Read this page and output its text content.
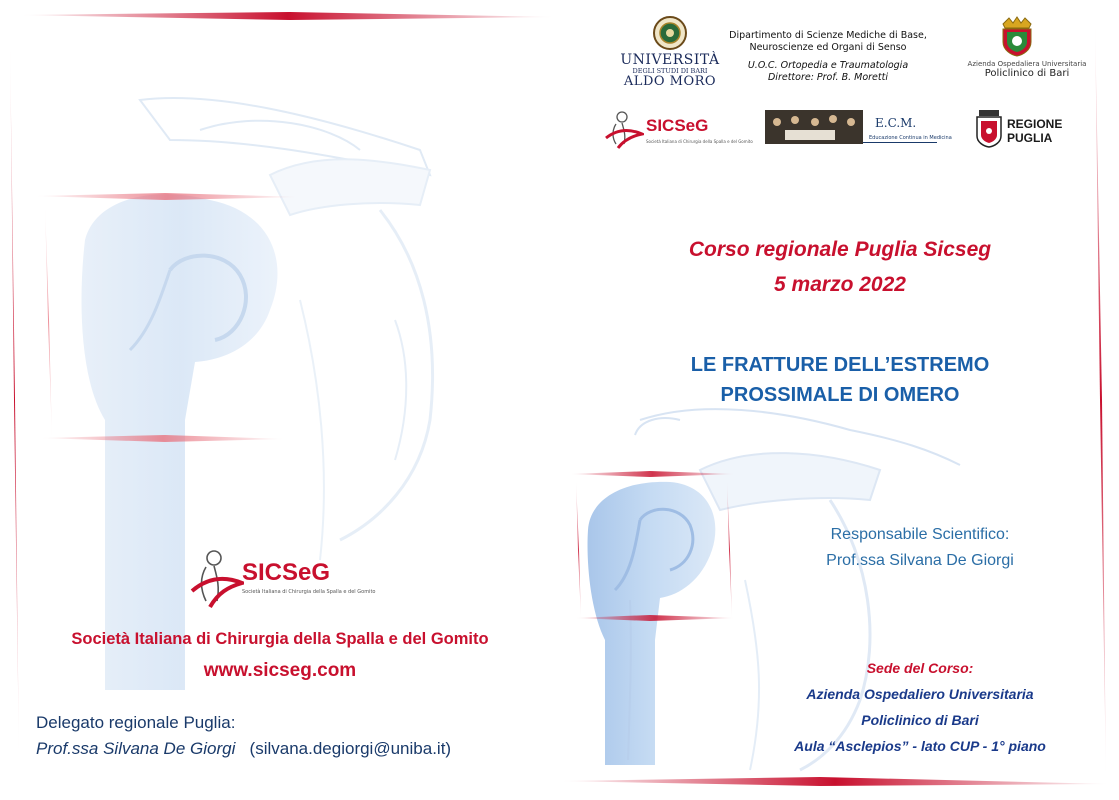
UNIVERSITÀ
DEGLI STUDI DI BARI
ALDO MORO
Dipartimento di Scienze Mediche di Base,
Neuroscienze ed Organi di Senso
U.O.C. Ortopedia e Traumatologia
Direttore: Prof. B. Moretti
Azienda Ospedaliera Universitaria
Policlinico di Bari
SICSeG
Società Italiana di Chirurgia della Spalla e del Gomito
E.C.M.
Educazione Continua in Medicina
REGIONE
PUGLIA
Corso regionale Puglia Sicseg
5 marzo 2022
LE FRATTURE DELL’ESTREMO
PROSSIMALE DI OMERO
Responsabile Scientifico:
Prof.ssa Silvana De Giorgi
Sede del Corso:
Azienda Ospedaliero Universitaria
Policlinico di Bari
Aula “Asclepios” - lato CUP - 1° piano
SICSeG
Società Italiana di Chirurgia della Spalla e del Gomito
Società Italiana di Chirurgia della Spalla e del Gomito
www.sicseg.com
Delegato regionale Puglia:
Prof.ssa Silvana De Giorgi (silvana.degiorgi@uniba.it)
